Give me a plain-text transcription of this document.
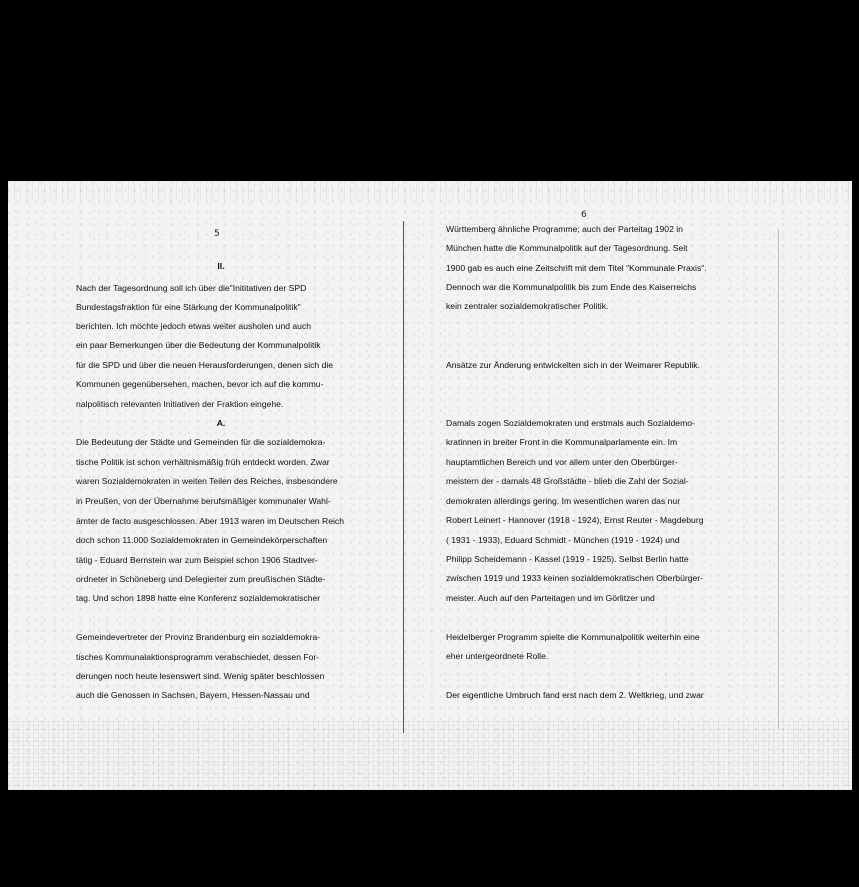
5
II.
Nach der Tagesordnung soll ich über die"Inititativen der SPD
Bundestagsfraktion für eine Stärkung der Kommunalpolitik"
berichten. Ich möchte jedoch etwas weiter ausholen und auch
ein paar Bemerkungen über die Bedeutung der Kommunalpolitik
für die SPD und über die neuen Herausforderungen, denen sich die
Kommunen gegenübersehen, machen, bevor ich auf die kommu-
nalpolitisch relevanten Initiativen der Fraktion eingehe.
A.
Die Bedeutung der Städte und Gemeinden für die sozialdemokra-
tische Politik ist schon verhältnismäßig früh entdeckt worden. Zwar
waren Sozialdemokraten in weiten Teilen des Reiches, insbesondere
in Preußen, von der Übernahme berufsmäßiger kommunaler Wahl-
ämter de facto ausgeschlossen. Aber 1913 waren im Deutschen Reich
doch schon 11.000 Sozialdemokraten in Gemeindekörperschaften
tätig - Eduard Bernstein war zum Beispiel schon 1906 Stadtver-
ordneter in Schöneberg und Delegierter zum preußischen Städte-
tag. Und schon 1898 hatte eine Konferenz sozialdemokratischer
Gemeindevertreter der Provinz Brandenburg ein sozialdemokra-
tisches Kommunalaktionsprogramm verabschiedet, dessen For-
derungen noch heute lesenswert sind. Wenig später beschlossen
auch die Genossen in Sachsen, Bayern, Hessen-Nassau und
6
Württemberg ähnliche Programme; auch der Parteitag 1902 in
München hatte die Kommunalpolitik auf der Tagesordnung. Seit
1900 gab es auch eine Zeitschrift mit dem Titel "Kommunale Praxis".
Dennoch war die Kommunalpolitik bis zum Ende des Kaiserreichs
kein zentraler sozialdemokratischer Politik.
Ansätze zur Änderung entwickelten sich in der Weimarer Republik.
Damals zogen Sozialdemokraten und erstmals auch Sozialdemo-
kratinnen in breiter Front in die Kommunalparlamente ein. Im
hauptamtlichen Bereich und vor allem unter den Oberbürger-
meistern der - damals 48 Großstädte - blieb die Zahl der Sozial-
demokraten allerdings gering. Im wesentlichen waren das nur
Robert Leinert - Hannover (1918 - 1924), Ernst Reuter - Magdeburg
( 1931 - 1933), Eduard Schmidt - München (1919 - 1924) und
Philipp Scheidemann - Kassel (1919 - 1925). Selbst Berlin hatte
zwischen 1919 und 1933 keinen sozialdemokratischen Oberbürger-
meister. Auch auf den Parteitagen und im Görlitzer und
Heidelberger Programm spielte die Kommunalpolitik weiterhin eine
eher untergeordnete Rolle.
Der eigentliche Umbruch fand erst nach dem 2. Weltkrieg, und zwar
